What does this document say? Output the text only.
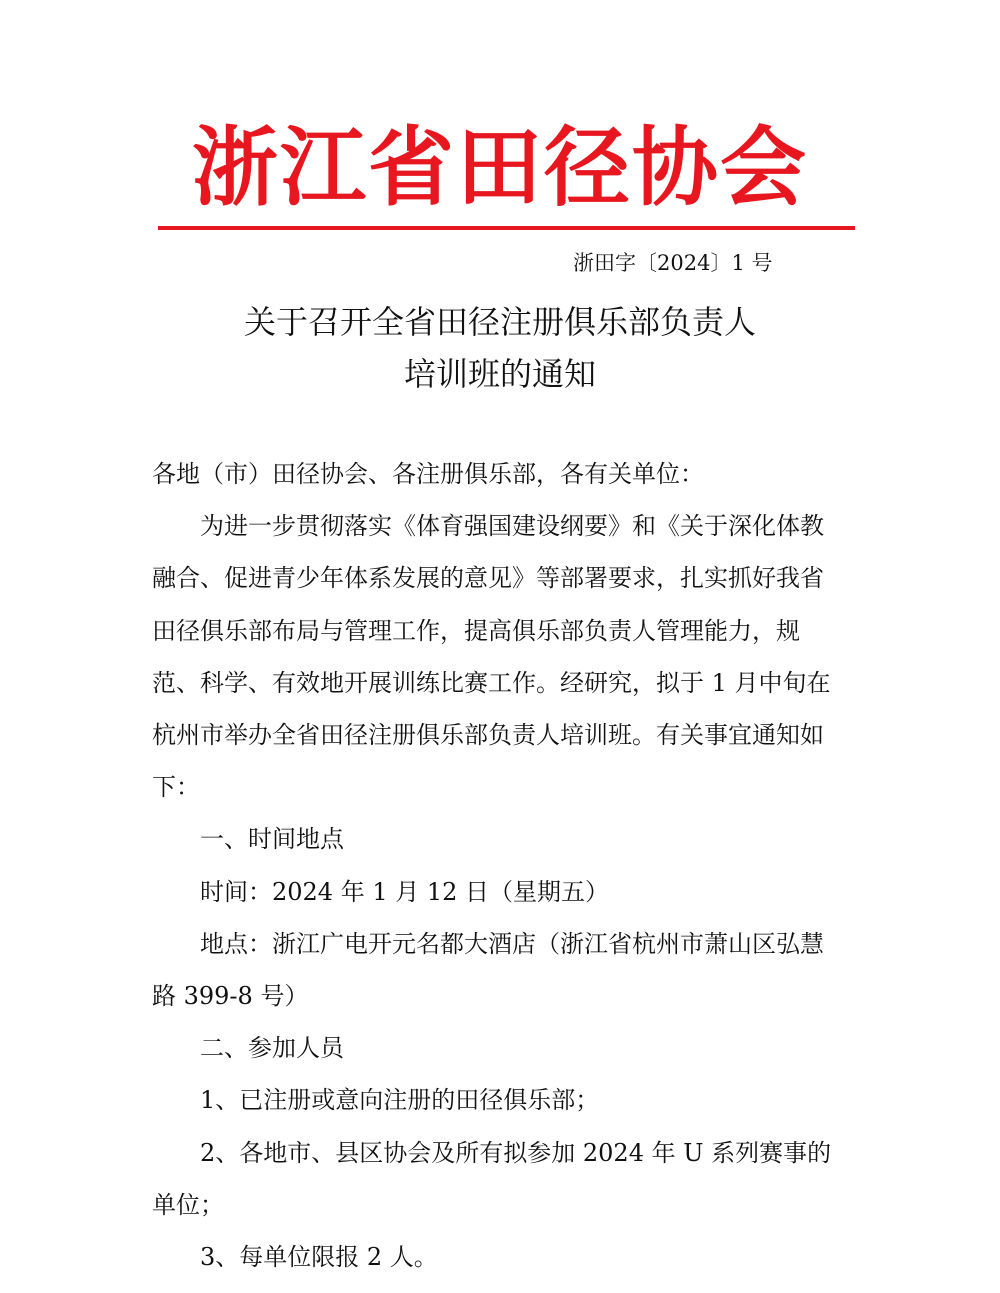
浙江省田径协会
浙田字〔2024〕1 号
关于召开全省田径注册俱乐部负责人
培训班的通知

各地（市）田径协会、各注册俱乐部，各有关单位：

为进一步贯彻落实《体育强国建设纲要》和《关于深化体教融合、促进青少年体系发展的意见》等部署要求，扎实抓好我省田径俱乐部布局与管理工作，提高俱乐部负责人管理能力，规范、科学、有效地开展训练比赛工作。经研究，拟于 1 月中旬在杭州市举办全省田径注册俱乐部负责人培训班。有关事宜通知如下：

一、时间地点

时间：2024 年 1 月 12 日（星期五）

地点：浙江广电开元名都大酒店（浙江省杭州市萧山区弘慧路 399-8 号）

二、参加人员

1、已注册或意向注册的田径俱乐部；

2、各地市、县区协会及所有拟参加 2024 年 U 系列赛事的单位；

3、每单位限报 2 人。
